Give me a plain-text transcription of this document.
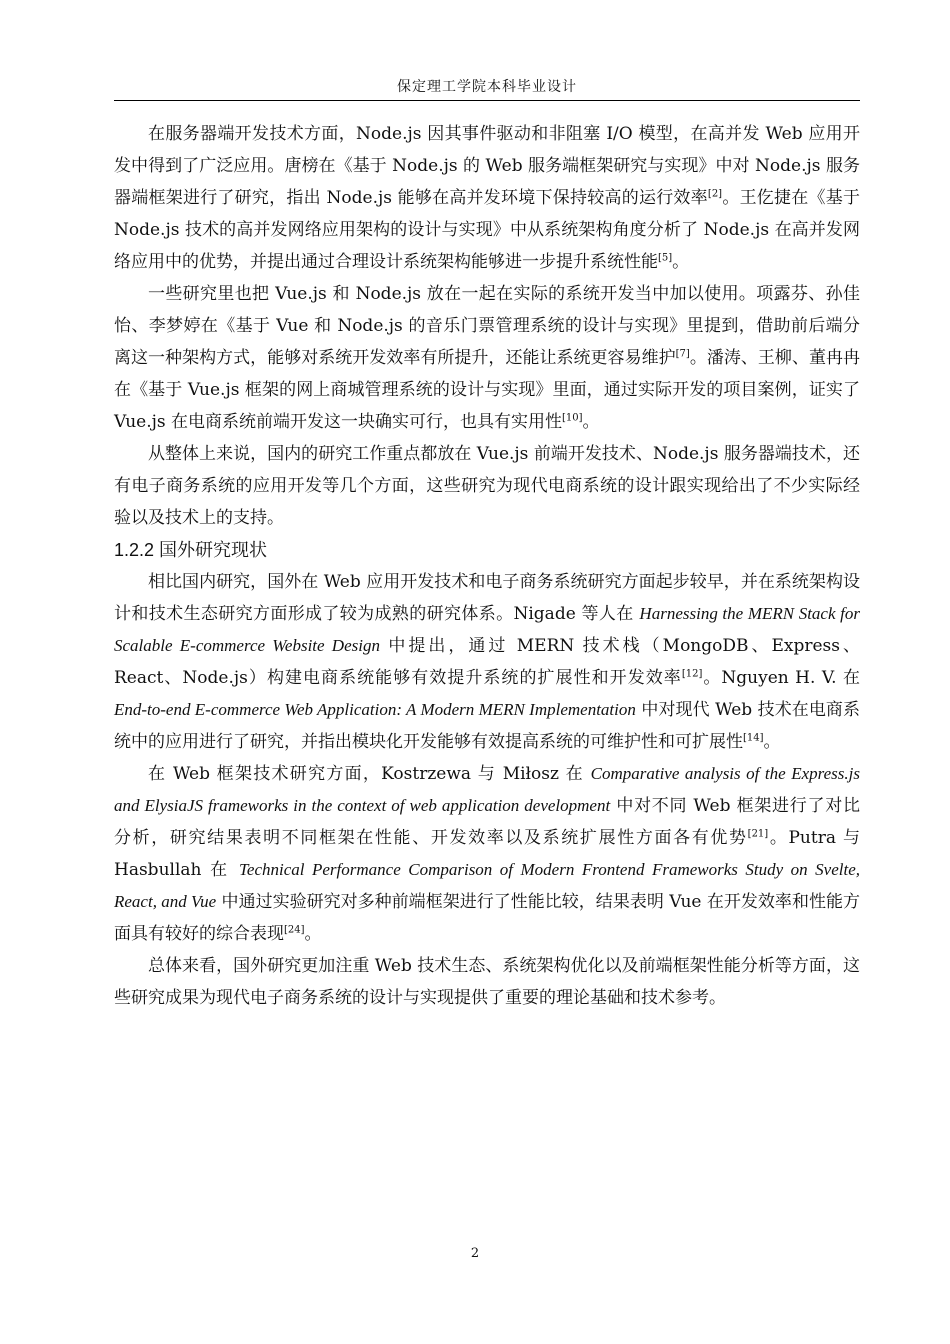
保定理工学院本科毕业设计

在服务器端开发技术方面，Node.js 因其事件驱动和非阻塞 I/O 模型，在高并发 Web 应用开发中得到了广泛应用。唐榜在《基于 Node.js 的 Web 服务端框架研究与实现》中对 Node.js 服务器端框架进行了研究，指出 Node.js 能够在高并发环境下保持较高的运行效率[2]。王仡捷在《基于 Node.js 技术的高并发网络应用架构的设计与实现》中从系统架构角度分析了 Node.js 在高并发网络应用中的优势，并提出通过合理设计系统架构能够进一步提升系统性能[5]。

一些研究里也把 Vue.js 和 Node.js 放在一起在实际的系统开发当中加以使用。项露芬、孙佳怡、李梦婷在《基于 Vue 和 Node.js 的音乐门票管理系统的设计与实现》里提到，借助前后端分离这一种架构方式，能够对系统开发效率有所提升，还能让系统更容易维护[7]。潘涛、王柳、董冉冉在《基于 Vue.js 框架的网上商城管理系统的设计与实现》里面，通过实际开发的项目案例，证实了 Vue.js 在电商系统前端开发这一块确实可行，也具有实用性[10]。

从整体上来说，国内的研究工作重点都放在 Vue.js 前端开发技术、Node.js 服务器端技术，还有电子商务系统的应用开发等几个方面，这些研究为现代电商系统的设计跟实现给出了不少实际经验以及技术上的支持。

1.2.2 国外研究现状

相比国内研究，国外在 Web 应用开发技术和电子商务系统研究方面起步较早，并在系统架构设计和技术生态研究方面形成了较为成熟的研究体系。Nigade 等人在 Harnessing the MERN Stack for Scalable E-commerce Website Design 中提出，通过 MERN 技术栈（MongoDB、Express、React、Node.js）构建电商系统能够有效提升系统的扩展性和开发效率[12]。Nguyen H. V. 在 End-to-end E-commerce Web Application: A Modern MERN Implementation 中对现代 Web 技术在电商系统中的应用进行了研究，并指出模块化开发能够有效提高系统的可维护性和可扩展性[14]。

在 Web 框架技术研究方面，Kostrzewa 与 Miłosz 在 Comparative analysis of the Express.js and ElysiaJS frameworks in the context of web application development 中对不同 Web 框架进行了对比分析，研究结果表明不同框架在性能、开发效率以及系统扩展性方面各有优势[21]。Putra 与 Hasbullah 在 Technical Performance Comparison of Modern Frontend Frameworks Study on Svelte, React, and Vue 中通过实验研究对多种前端框架进行了性能比较，结果表明 Vue 在开发效率和性能方面具有较好的综合表现[24]。

总体来看，国外研究更加注重 Web 技术生态、系统架构优化以及前端框架性能分析等方面，这些研究成果为现代电子商务系统的设计与实现提供了重要的理论基础和技术参考。

2
